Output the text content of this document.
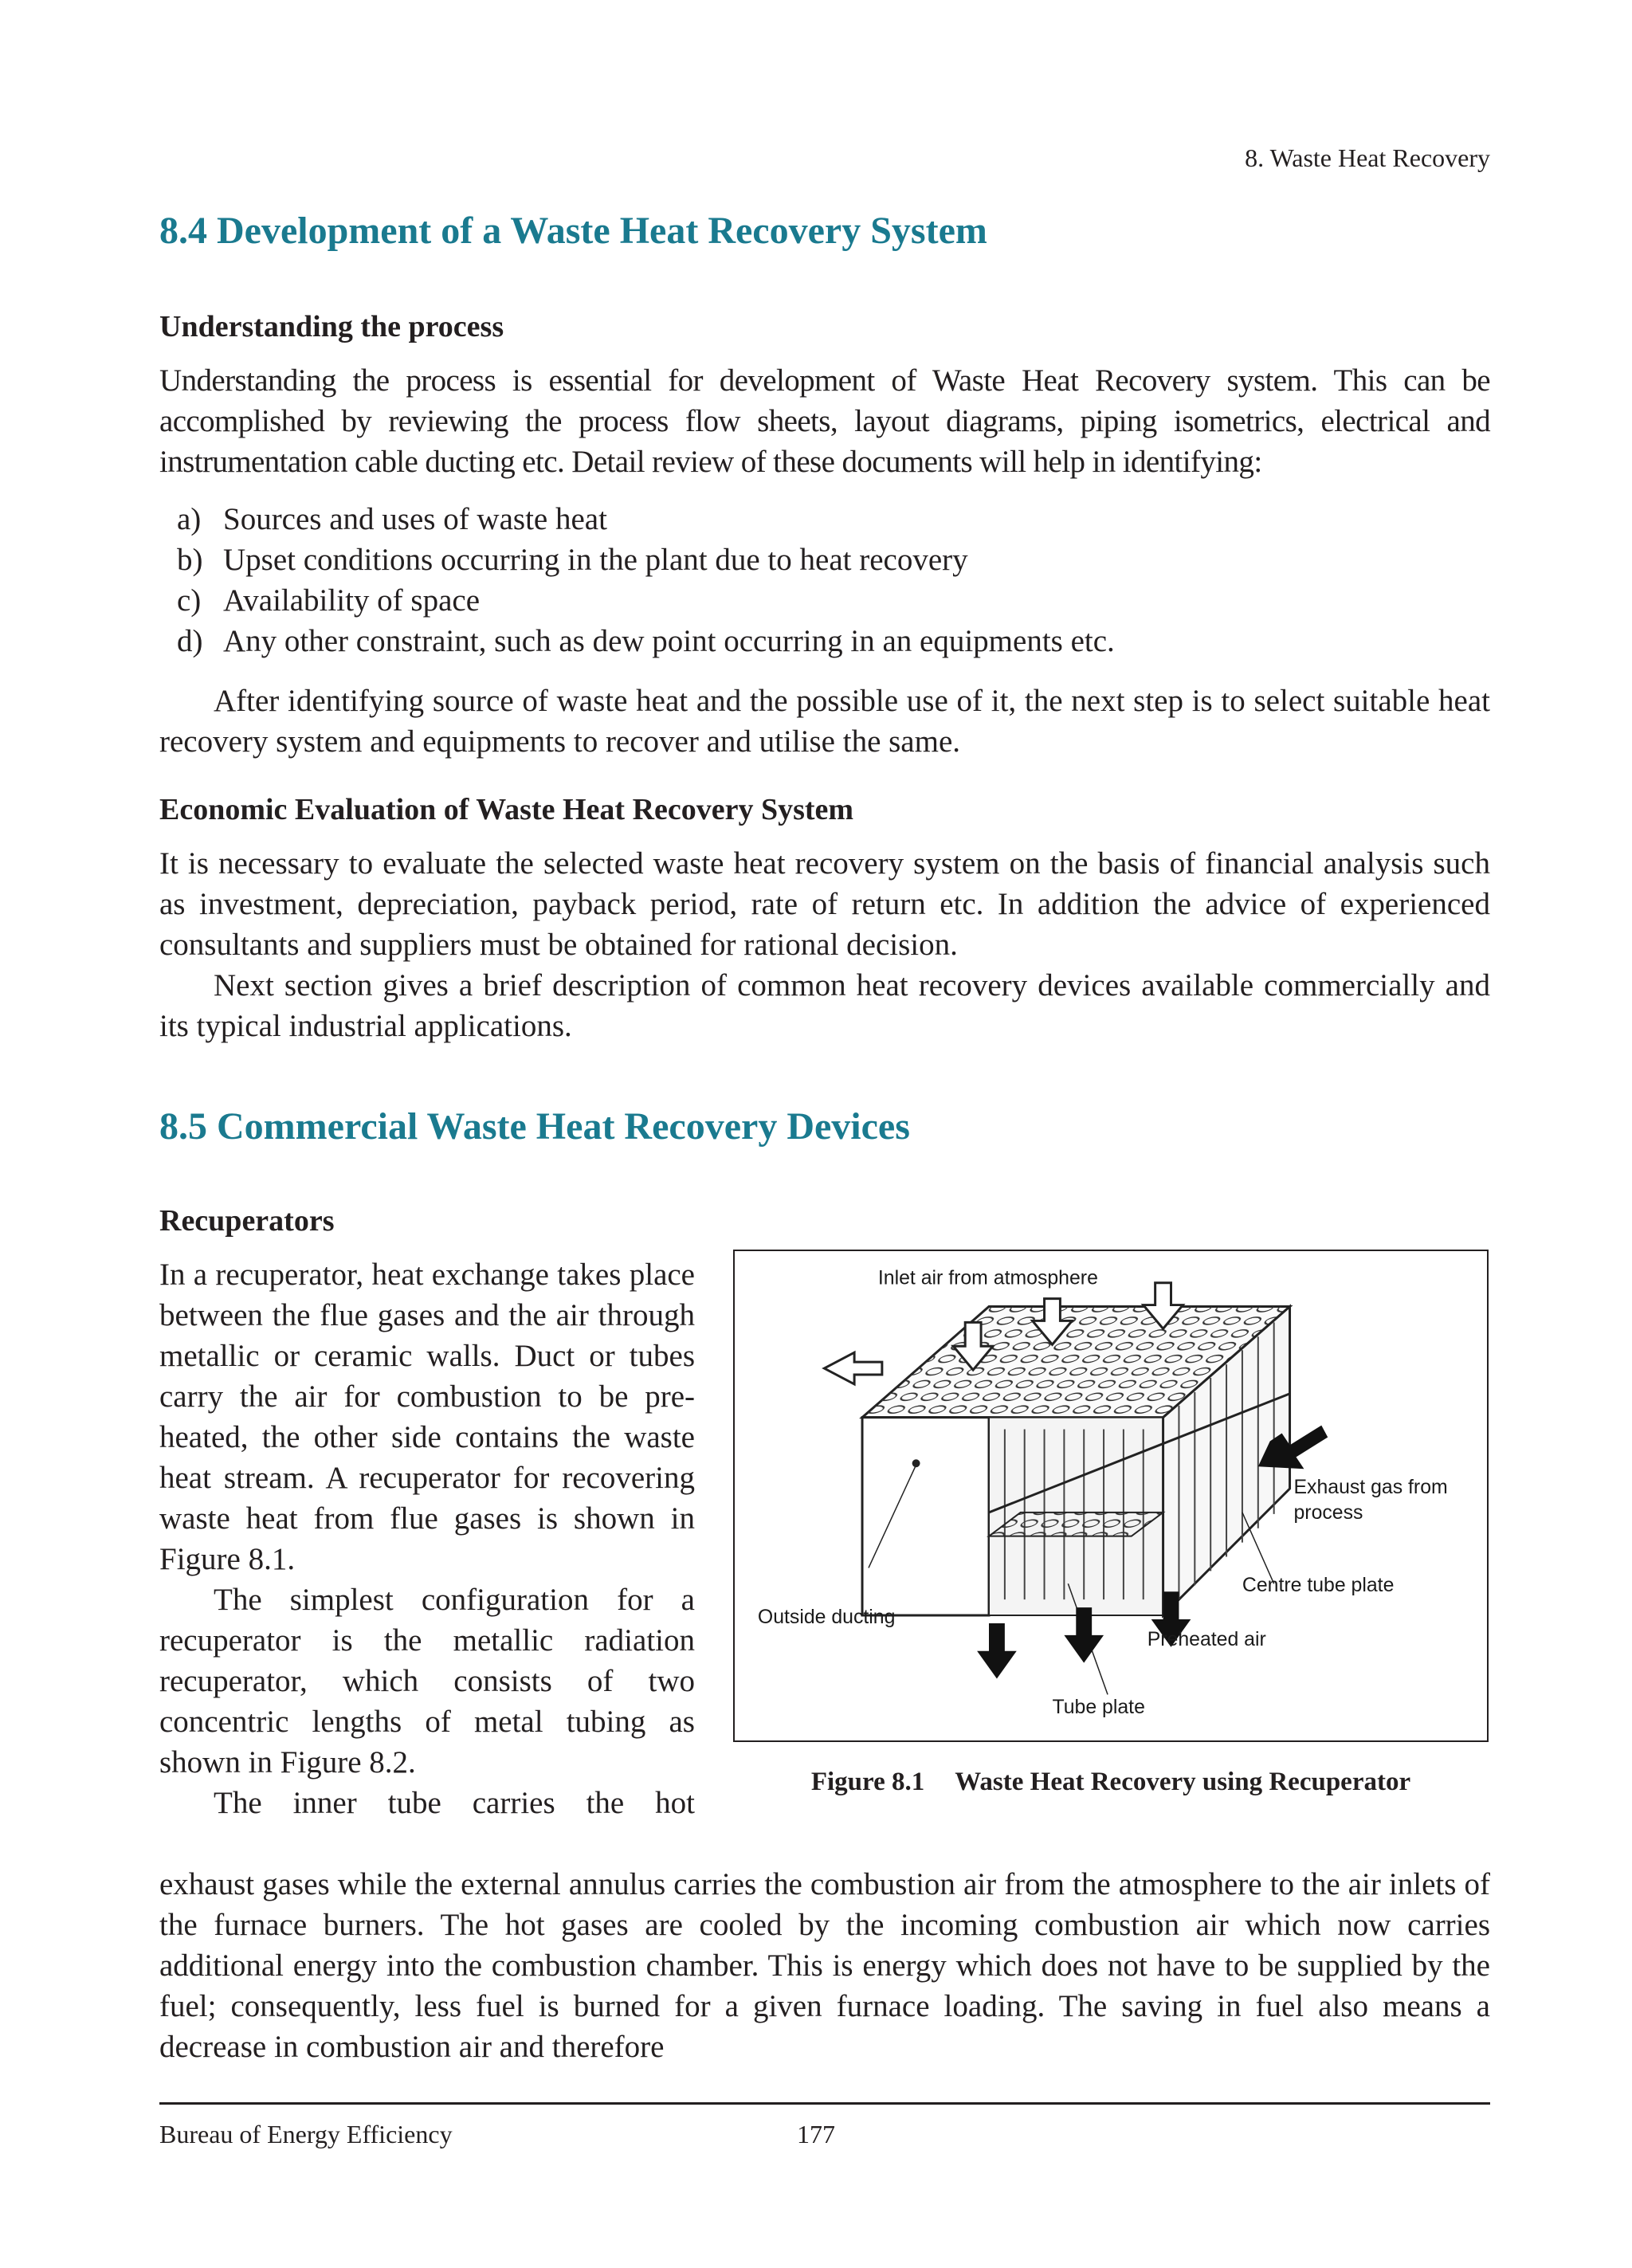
8. Waste Heat Recovery
8.4 Development of a Waste Heat Recovery System
Understanding the process
Understanding the process is essential for development of Waste Heat Recovery system. This can be accomplished by reviewing the process flow sheets, layout diagrams, piping isometrics, electrical and instrumentation cable ducting etc. Detail review of these documents will help in identifying:
a) Sources and uses of waste heat
b) Upset conditions occurring in the plant due to heat recovery
c) Availability of space
d) Any other constraint, such as dew point occurring in an equipments etc.
After identifying source of waste heat and the possible use of it, the next step is to select suitable heat recovery system and equipments to recover and utilise the same.
Economic Evaluation of Waste Heat Recovery System
It is necessary to evaluate the selected waste heat recovery system on the basis of financial analysis such as investment, depreciation, payback period, rate of return etc. In addition the advice of experienced consultants and suppliers must be obtained for rational decision.
Next section gives a brief description of common heat recovery devices available commercially and its typical industrial applications.
8.5 Commercial Waste Heat Recovery Devices
Recuperators
In a recuperator, heat exchange takes place between the flue gases and the air through metallic or ceramic walls. Duct or tubes carry the air for combustion to be pre-heated, the other side contains the waste heat stream. A recuperator for recovering waste heat from flue gases is shown in Figure 8.1.
The simplest configuration for a recuperator is the metallic radiation recuperator, which consists of two concentric lengths of metal tubing as shown in Figure 8.2.
The inner tube carries the hot
exhaust gases while the external annulus carries the combustion air from the atmosphere to the air inlets of the furnace burners. The hot gases are cooled by the incoming combustion air which now carries additional energy into the combustion chamber. This is energy which does not have to be supplied by the fuel; consequently, less fuel is burned for a given furnace loading. The saving in fuel also means a decrease in combustion air and therefore
Inlet air from atmosphere
Exhaust gas from
process
Centre tube plate
Outside ducting
Preheated air
Tube plate
Figure 8.1 Waste Heat Recovery using Recuperator
Bureau of Energy Efficiency	177
